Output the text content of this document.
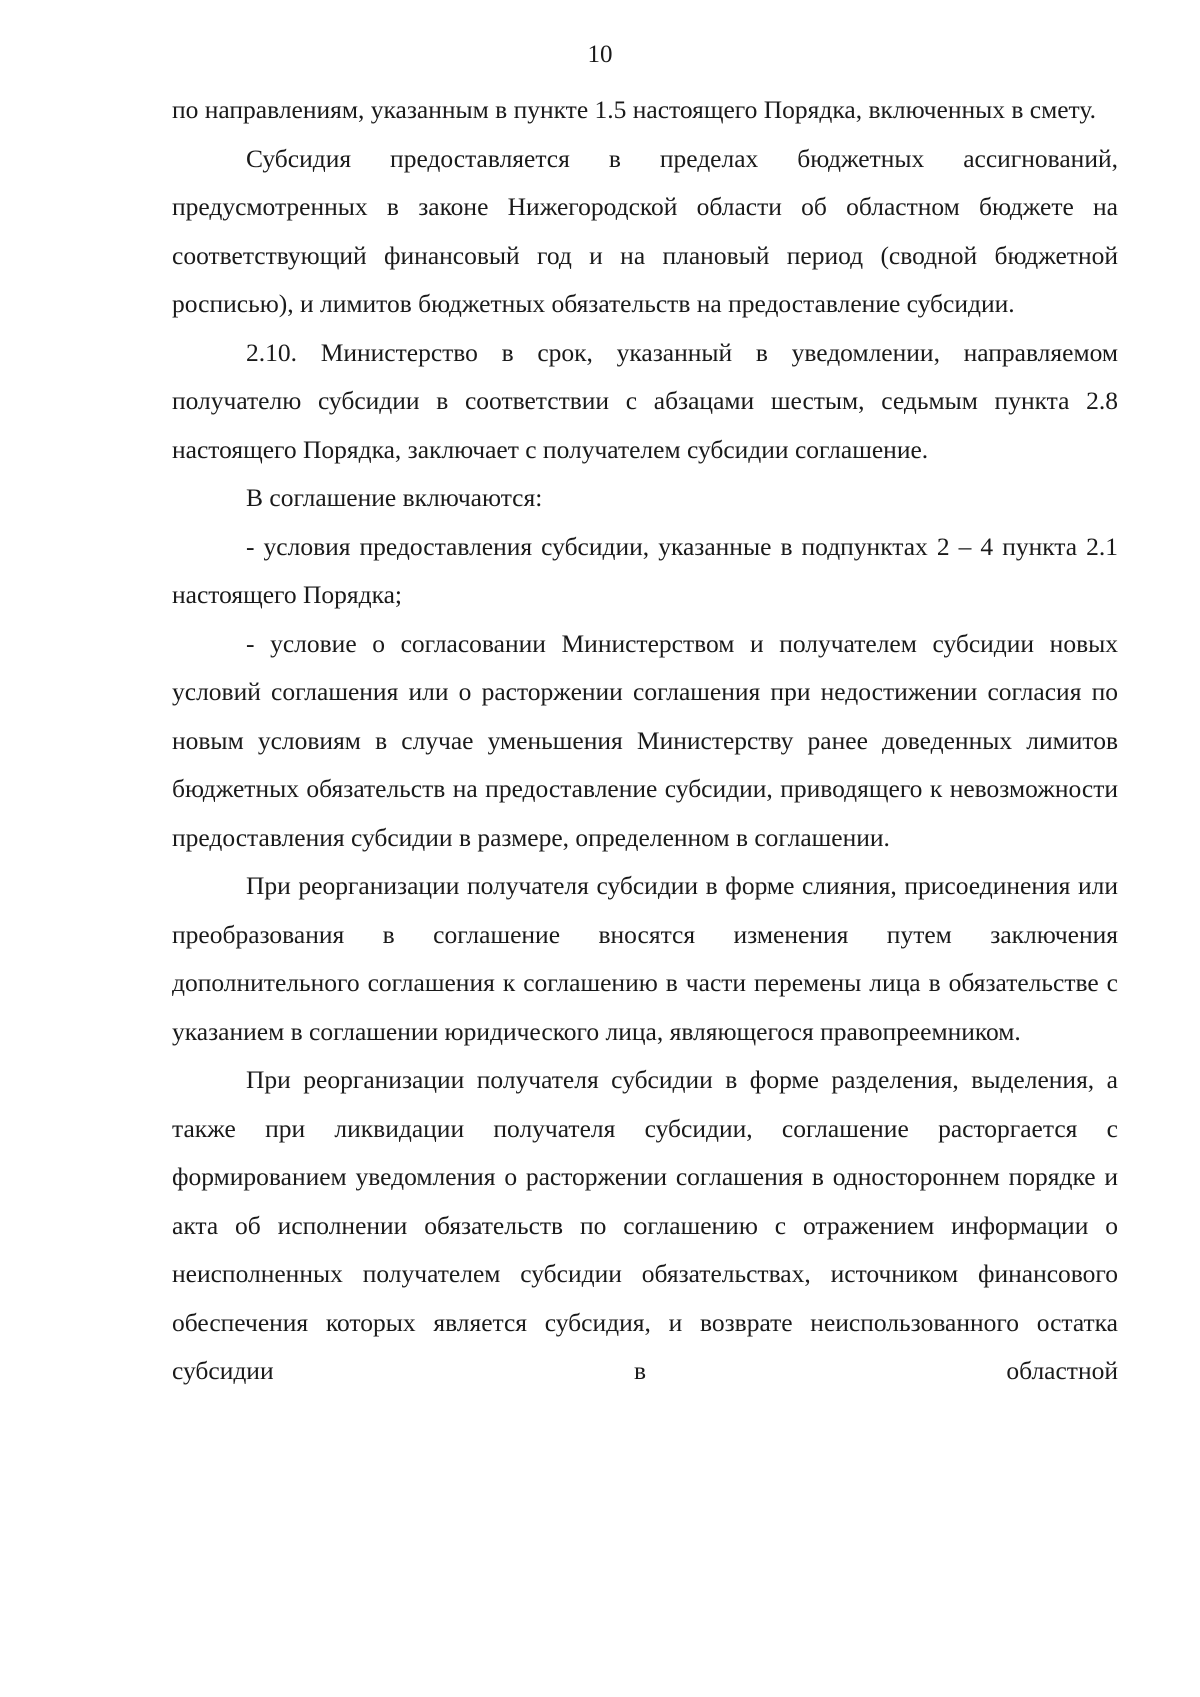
10

по направлениям, указанным в пункте 1.5 настоящего Порядка, включенных в смету.

Субсидия предоставляется в пределах бюджетных ассигнований, предусмотренных в законе Нижегородской области об областном бюджете на соответствующий финансовый год и на плановый период (сводной бюджетной росписью), и лимитов бюджетных обязательств на предоставление субсидии.

2.10. Министерство в срок, указанный в уведомлении, направляемом получателю субсидии в соответствии с абзацами шестым, седьмым пункта 2.8 настоящего Порядка, заключает с получателем субсидии соглашение.

В соглашение включаются:

- условия предоставления субсидии, указанные в подпунктах 2 – 4 пункта 2.1 настоящего Порядка;

- условие о согласовании Министерством и получателем субсидии новых условий соглашения или о расторжении соглашения при недостижении согласия по новым условиям в случае уменьшения Министерству ранее доведенных лимитов бюджетных обязательств на предоставление субсидии, приводящего к невозможности предоставления субсидии в размере, определенном в соглашении.

При реорганизации получателя субсидии в форме слияния, присоединения или преобразования в соглашение вносятся изменения путем заключения дополнительного соглашения к соглашению в части перемены лица в обязательстве с указанием в соглашении юридического лица, являющегося правопреемником.

При реорганизации получателя субсидии в форме разделения, выделения, а также при ликвидации получателя субсидии, соглашение расторгается с формированием уведомления о расторжении соглашения в одностороннем порядке и акта об исполнении обязательств по соглашению с отражением информации о неисполненных получателем субсидии обязательствах, источником финансового обеспечения которых является субсидия, и возврате неиспользованного остатка субсидии в областной
